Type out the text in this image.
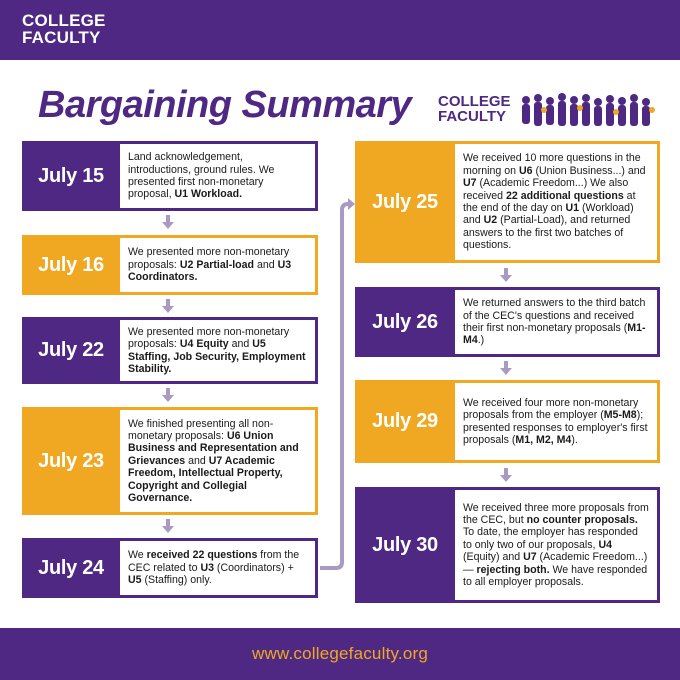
COLLEGE
FACULTY
Bargaining Summary COLLEGE
FACULTY
July 15

Land acknowledgement, introductions, ground rules. We presented first non-monetary proposal, U1 Workload.

July 16

We presented more non-monetary proposals: U2 Partial-load and U3 Coordinators.

July 22

We presented more non-monetary proposals: U4 Equity and U5 Staffing, Job Security, Employment Stability.

July 23

We finished presenting all non-monetary proposals: U6 Union Business and Representation and Grievances and U7 Academic Freedom, Intellectual Property, Copyright and Collegial Governance.

July 24

We received 22 questions from the CEC related to U3 (Coordinators) + U5 (Staffing) only.

July 25

We received 10 more questions in the morning on U6 (Union Business...) and U7 (Academic Freedom...) We also received 22 additional questions at the end of the day on U1 (Workload) and U2 (Partial-Load), and returned answers to the first two batches of questions.

July 26

We returned answers to the third batch of the CEC's questions and received their first non-monetary proposals (M1-M4.)

July 29

We received four more non-monetary proposals from the employer (M5-M8); presented responses to employer's first proposals (M1, M2, M4).

July 30

We received three more proposals from the CEC, but no counter proposals. To date, the employer has responded to only two of our proposals, U4 (Equity) and U7 (Academic Freedom...) — rejecting both. We have responded to all employer proposals.

www.collegefaculty.org
